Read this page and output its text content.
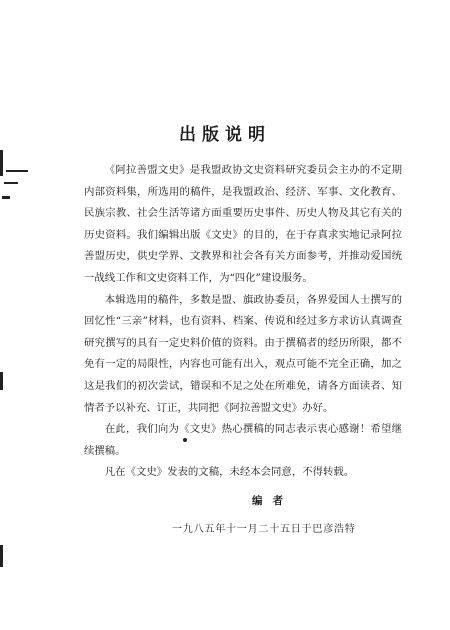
出版说明

《阿拉善盟文史》是我盟政协文史资料研究委员会主办的不定期内部资料集，所选用的稿件，是我盟政治、经济、军事、文化教育、民族宗教、社会生活等诸方面重要历史事件、历史人物及其它有关的历史资料。我们编辑出版《文史》的目的，在于存真求实地记录阿拉善盟历史，供史学界、文教界和社会各有关方面参考，并推动爱国统一战线工作和文史资料工作，为“四化”建设服务。

本辑选用的稿件，多数是盟、旗政协委员，各界爱国人士撰写的回忆性“三亲”材料，也有资料、档案、传说和经过多方求访认真调查研究撰写的具有一定史料价值的资料。由于撰稿者的经历所限，都不免有一定的局限性，内容也可能有出入，观点可能不完全正确，加之这是我们的初次尝试，错误和不足之处在所难免，请各方面读者、知情者予以补充、订正，共同把《阿拉善盟文史》办好。

在此，我们向为《文史》热心撰稿的同志表示衷心感谢！希望继续撰稿。

凡在《文史》发表的文稿，未经本会同意，不得转载。

编者
一九八五年十一月二十五日于巴彦浩特
